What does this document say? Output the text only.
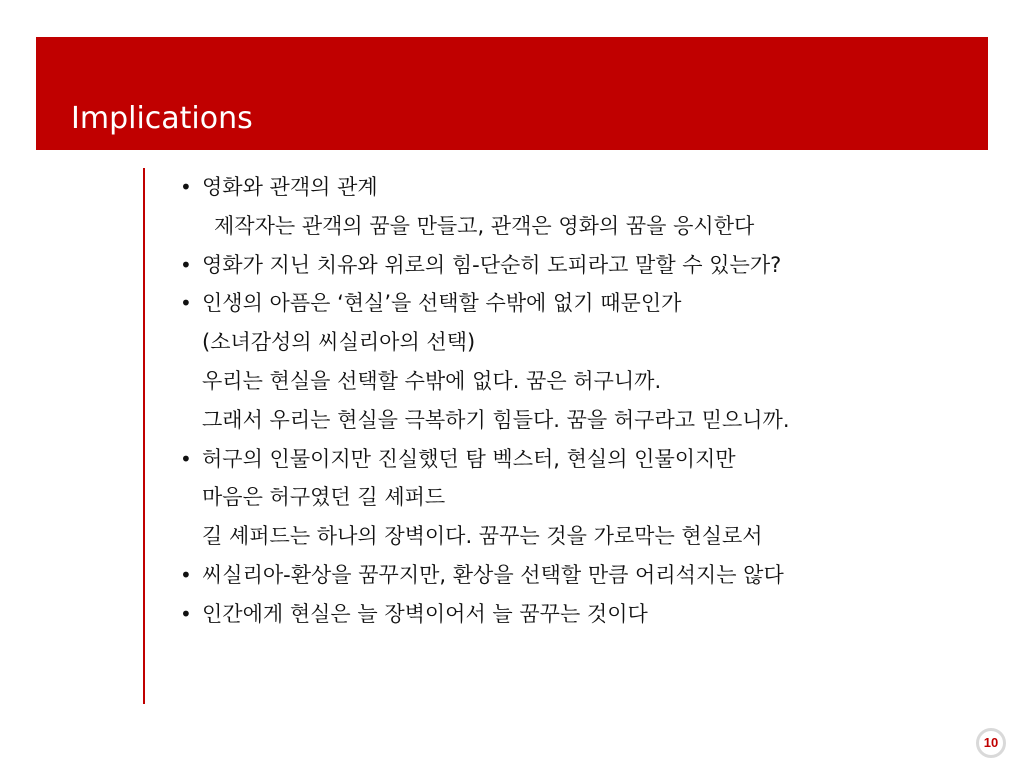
Implications
• 영화와 관객의 관계
제작자는 관객의 꿈을 만들고, 관객은 영화의 꿈을 응시한다
• 영화가 지닌 치유와 위로의 힘-단순히 도피라고 말할 수 있는가?
• 인생의 아픔은 ‘현실’을 선택할 수밖에 없기 때문인가
(소녀감성의 씨실리아의 선택)
우리는 현실을 선택할 수밖에 없다. 꿈은 허구니까.
그래서 우리는 현실을 극복하기 힘들다. 꿈을 허구라고 믿으니까.
• 허구의 인물이지만 진실했던 탐 벡스터, 현실의 인물이지만
마음은 허구였던 길 셰퍼드
길 셰퍼드는 하나의 장벽이다. 꿈꾸는 것을 가로막는 현실로서
• 씨실리아-환상을 꿈꾸지만, 환상을 선택할 만큼 어리석지는 않다
• 인간에게 현실은 늘 장벽이어서 늘 꿈꾸는 것이다
10
